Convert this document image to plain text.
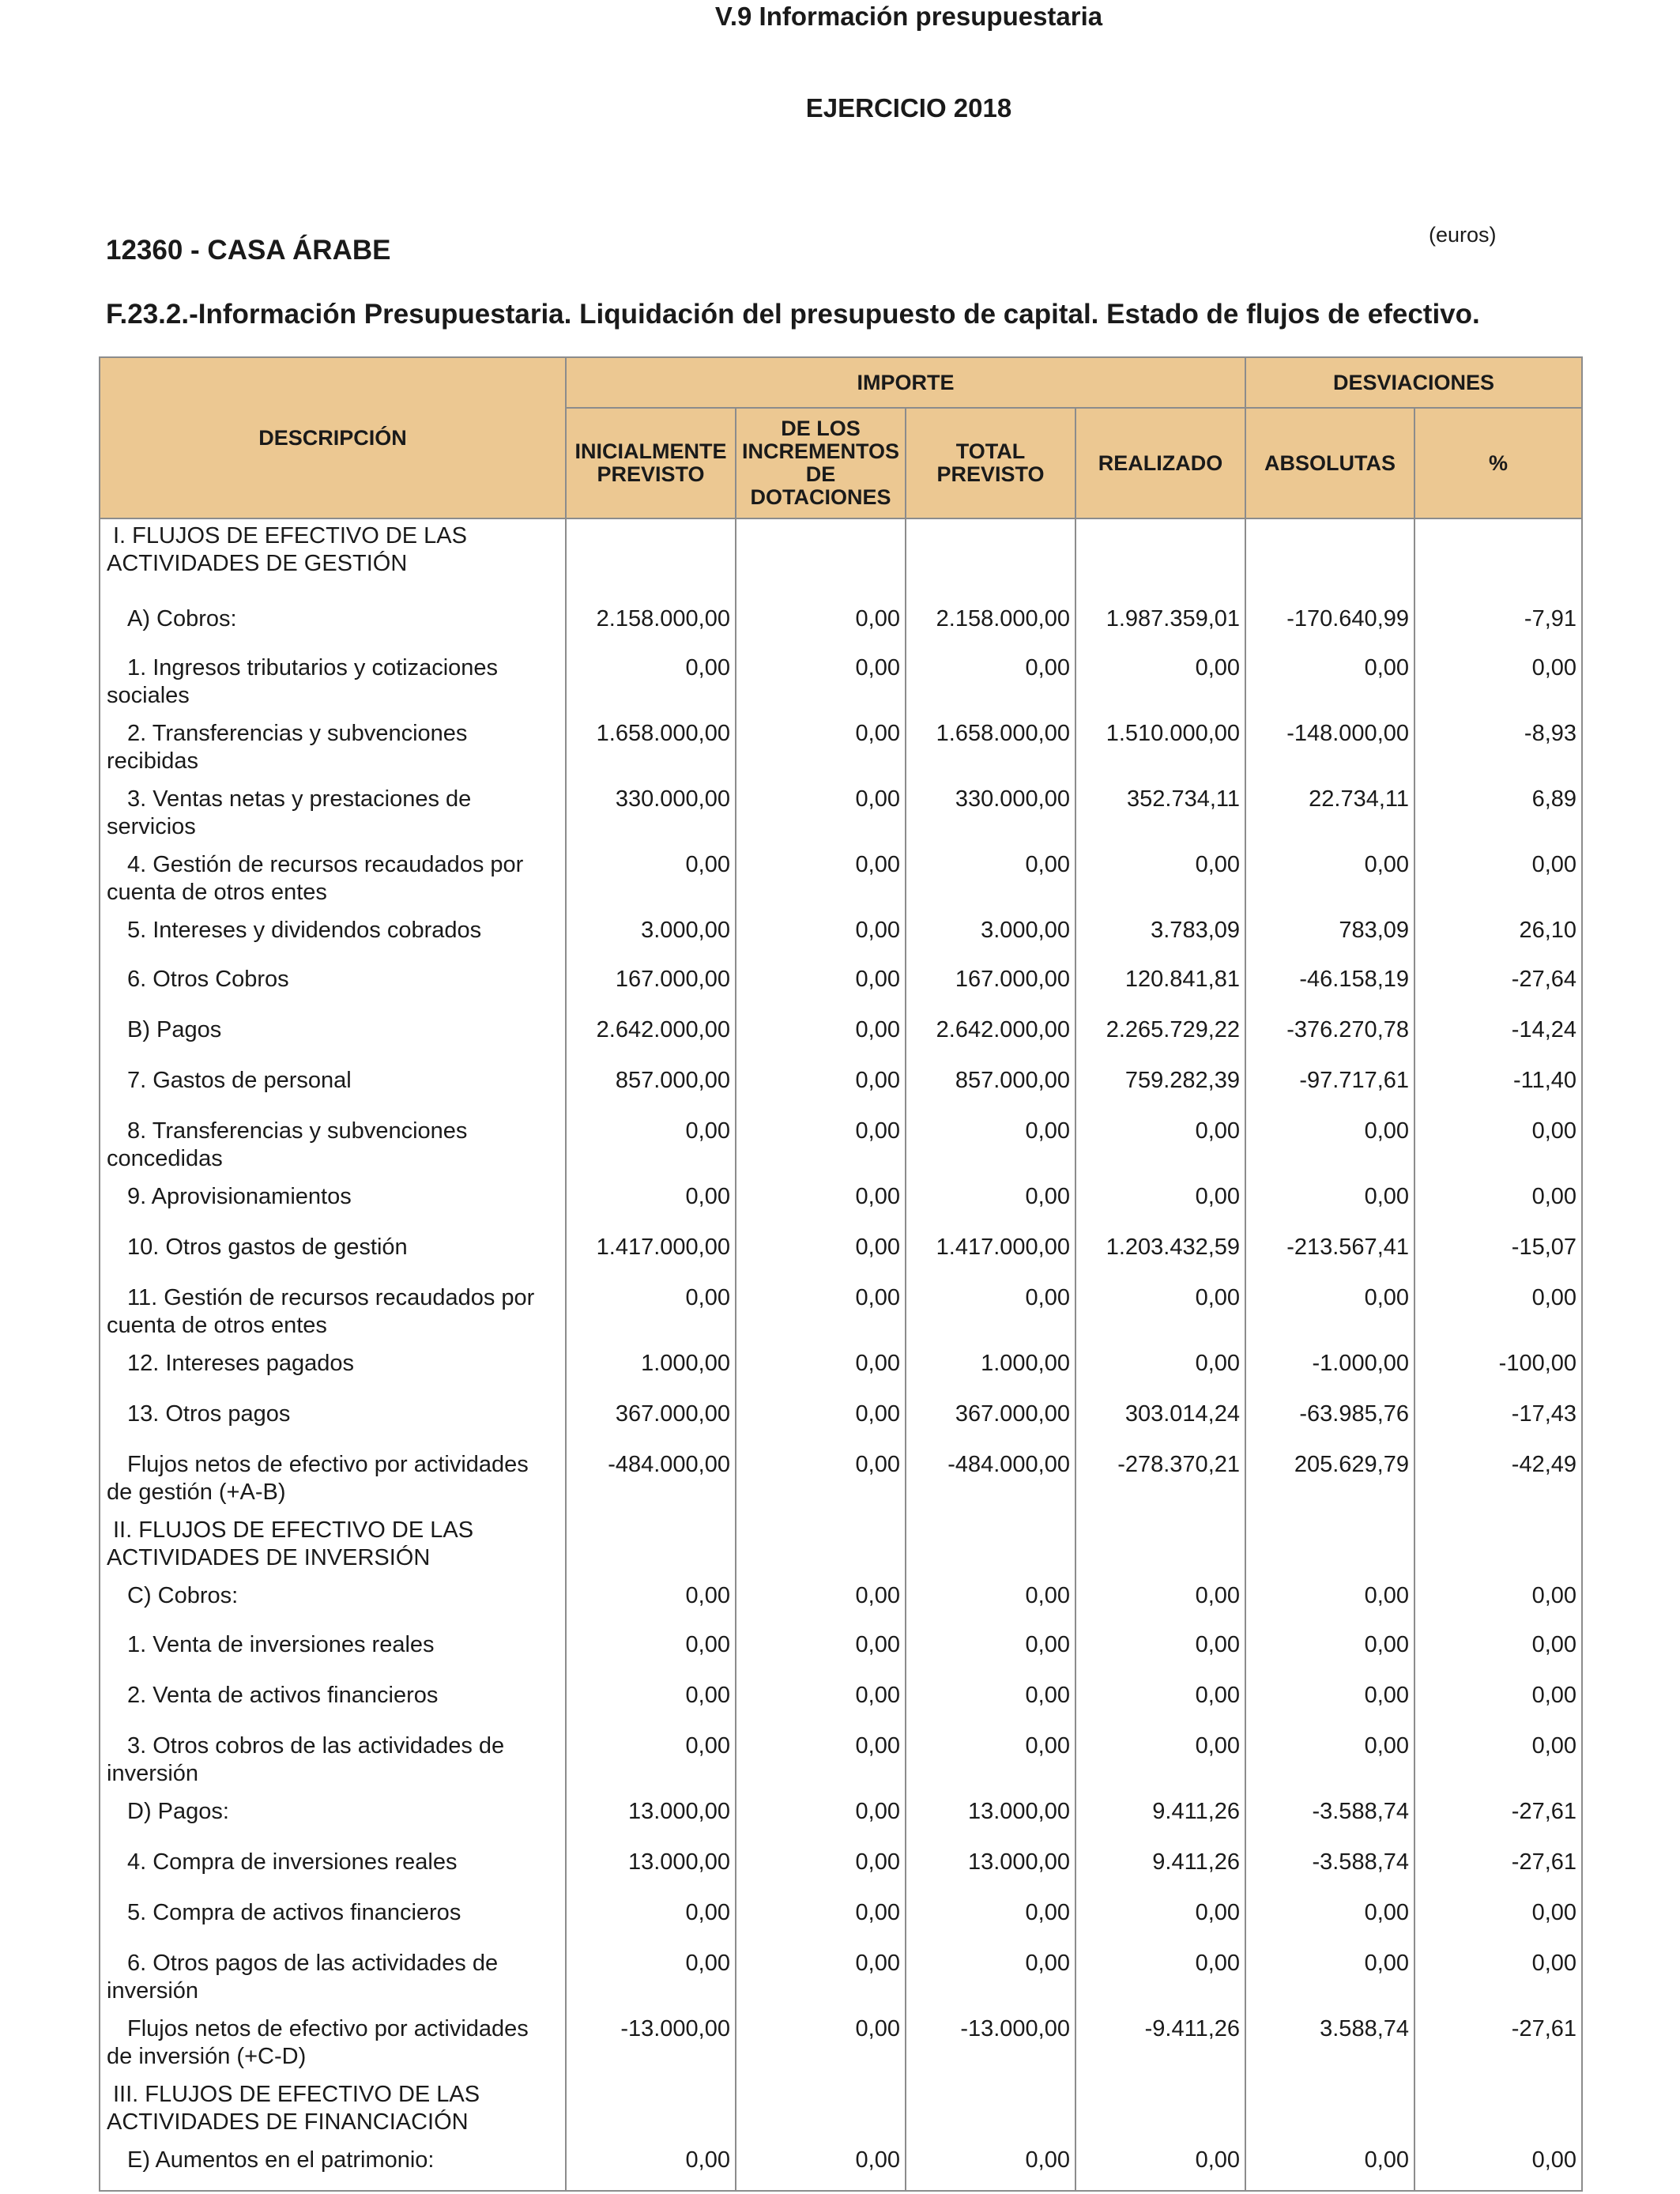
V.9 Información presupuestaria
EJERCICIO 2018
12360 - CASA ÁRABE	(euros)
F.23.2.-Información Presupuestaria. Liquidación del presupuesto de capital. Estado de flujos de efectivo.
DESCRIPCIÓN	IMPORTE				DESVIACIONES	
	INICIALMENTE PREVISTO	DE LOS INCREMENTOS DE DOTACIONES	TOTAL PREVISTO	REALIZADO	ABSOLUTAS	%
I. FLUJOS DE EFECTIVO DE LAS ACTIVIDADES DE GESTIÓN						
A) Cobros:	2.158.000,00	0,00	2.158.000,00	1.987.359,01	-170.640,99	-7,91
1. Ingresos tributarios y cotizaciones sociales	0,00	0,00	0,00	0,00	0,00	0,00
2. Transferencias y subvenciones recibidas	1.658.000,00	0,00	1.658.000,00	1.510.000,00	-148.000,00	-8,93
3. Ventas netas y prestaciones de servicios	330.000,00	0,00	330.000,00	352.734,11	22.734,11	6,89
4. Gestión de recursos recaudados por cuenta de otros entes	0,00	0,00	0,00	0,00	0,00	0,00
5. Intereses y dividendos cobrados	3.000,00	0,00	3.000,00	3.783,09	783,09	26,10
6. Otros Cobros	167.000,00	0,00	167.000,00	120.841,81	-46.158,19	-27,64
B) Pagos	2.642.000,00	0,00	2.642.000,00	2.265.729,22	-376.270,78	-14,24
7. Gastos de personal	857.000,00	0,00	857.000,00	759.282,39	-97.717,61	-11,40
8. Transferencias y subvenciones concedidas	0,00	0,00	0,00	0,00	0,00	0,00
9. Aprovisionamientos	0,00	0,00	0,00	0,00	0,00	0,00
10. Otros gastos de gestión	1.417.000,00	0,00	1.417.000,00	1.203.432,59	-213.567,41	-15,07
11. Gestión de recursos recaudados por cuenta de otros entes	0,00	0,00	0,00	0,00	0,00	0,00
12. Intereses pagados	1.000,00	0,00	1.000,00	0,00	-1.000,00	-100,00
13. Otros pagos	367.000,00	0,00	367.000,00	303.014,24	-63.985,76	-17,43
Flujos netos de efectivo por actividades de gestión (+A-B)	-484.000,00	0,00	-484.000,00	-278.370,21	205.629,79	-42,49
II. FLUJOS DE EFECTIVO DE LAS ACTIVIDADES DE INVERSIÓN						
C) Cobros:	0,00	0,00	0,00	0,00	0,00	0,00
1. Venta de inversiones reales	0,00	0,00	0,00	0,00	0,00	0,00
2. Venta de activos financieros	0,00	0,00	0,00	0,00	0,00	0,00
3. Otros cobros de las actividades de inversión	0,00	0,00	0,00	0,00	0,00	0,00
D) Pagos:	13.000,00	0,00	13.000,00	9.411,26	-3.588,74	-27,61
4. Compra de inversiones reales	13.000,00	0,00	13.000,00	9.411,26	-3.588,74	-27,61
5. Compra de activos financieros	0,00	0,00	0,00	0,00	0,00	0,00
6. Otros pagos de las actividades de inversión	0,00	0,00	0,00	0,00	0,00	0,00
Flujos netos de efectivo por actividades de inversión (+C-D)	-13.000,00	0,00	-13.000,00	-9.411,26	3.588,74	-27,61
III. FLUJOS DE EFECTIVO DE LAS ACTIVIDADES DE FINANCIACIÓN						
E) Aumentos en el patrimonio:	0,00	0,00	0,00	0,00	0,00	0,00
